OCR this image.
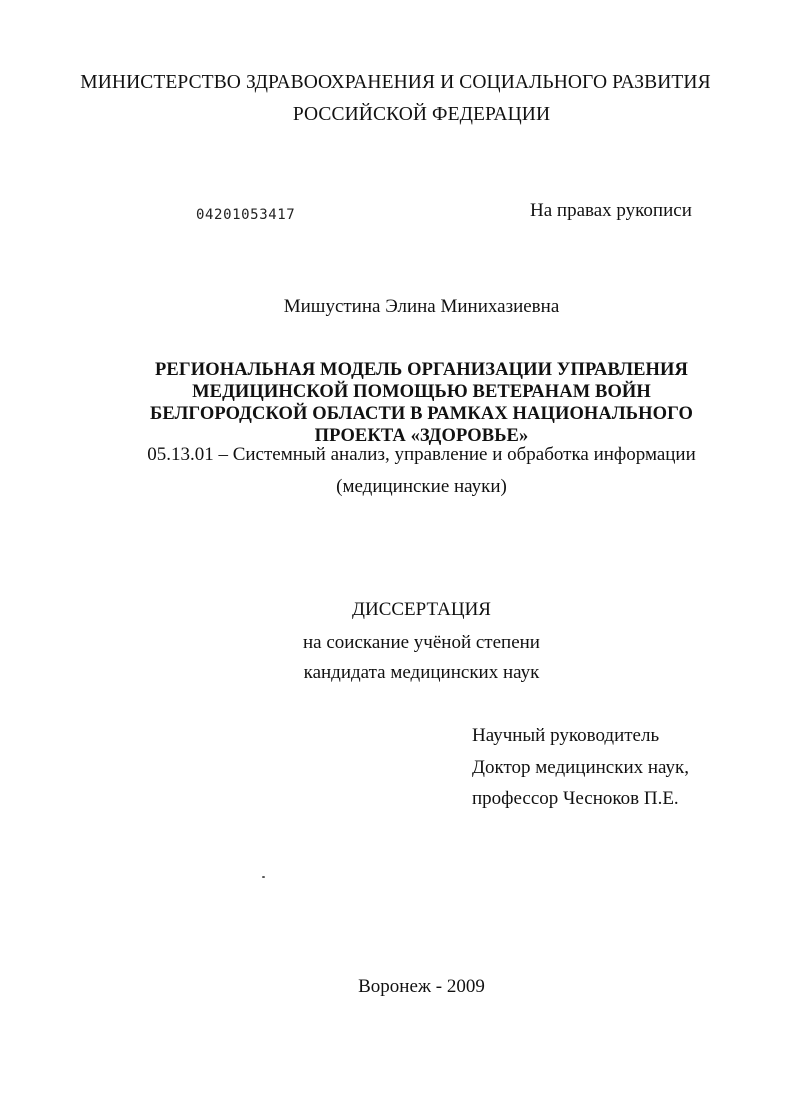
МИНИСТЕРСТВО ЗДРАВООХРАНЕНИЯ И СОЦИАЛЬНОГО РАЗВИТИЯ
РОССИЙСКОЙ ФЕДЕРАЦИИ
04201053417	На правах рукописи
Мишустина Элина Минихазиевна
РЕГИОНАЛЬНАЯ МОДЕЛЬ ОРГАНИЗАЦИИ УПРАВЛЕНИЯ
МЕДИЦИНСКОЙ ПОМОЩЬЮ ВЕТЕРАНАМ ВОЙН
БЕЛГОРОДСКОЙ ОБЛАСТИ В РАМКАХ НАЦИОНАЛЬНОГО
ПРОЕКТА «ЗДОРОВЬЕ»
05.13.01 – Системный анализ, управление и обработка информации
(медицинские науки)
ДИССЕРТАЦИЯ
на соискание учёной степени
кандидата медицинских наук
Научный руководитель
Доктор медицинских наук,
профессор Чесноков П.Е.
Воронеж - 2009
